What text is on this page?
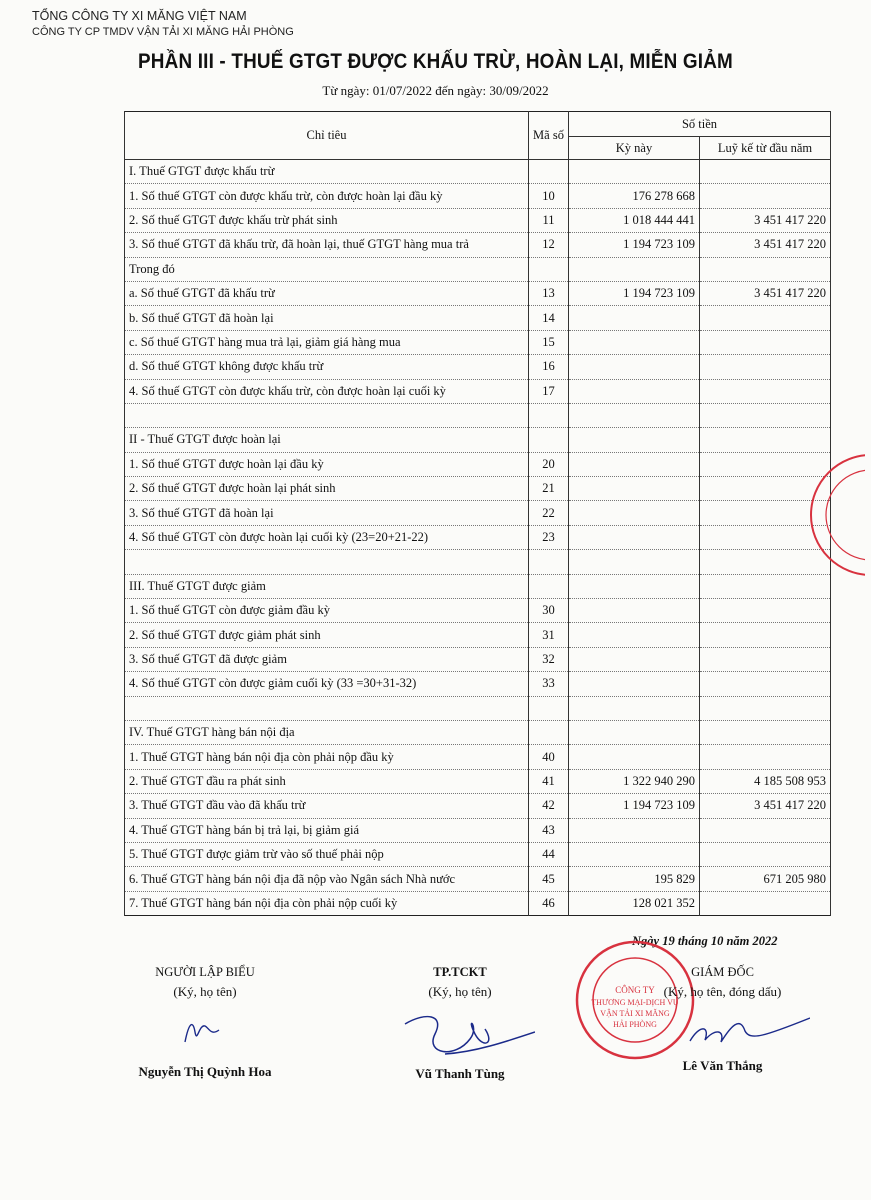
TỔNG CÔNG TY XI MĂNG VIỆT NAM
CÔNG TY CP TMDV VẬN TẢI XI MĂNG HẢI PHÒNG
PHẦN III - THUẾ GTGT ĐƯỢC KHẤU TRỪ, HOÀN LẠI, MIỄN GIẢM
Từ ngày: 01/07/2022 đến ngày: 30/09/2022
Chỉ tiêu	Mã số	Số tiền	
		Kỳ này	Luỹ kế từ đầu năm
I. Thuế GTGT được khấu trừ			
1. Số thuế GTGT còn được khấu trừ, còn được hoàn lại đầu kỳ	10	176 278 668	
2. Số thuế GTGT được khấu trừ phát sinh	11	1 018 444 441	3 451 417 220
3. Số thuế GTGT đã khấu trừ, đã hoàn lại, thuế GTGT hàng mua trả	12	1 194 723 109	3 451 417 220
Trong đó			
a. Số thuế GTGT đã khấu trừ	13	1 194 723 109	3 451 417 220
b. Số thuế GTGT đã hoàn lại	14		
c. Số thuế GTGT hàng mua trả lại, giảm giá hàng mua	15		
d. Số thuế GTGT không được khấu trừ	16		
4. Số thuế GTGT còn được khấu trừ, còn được hoàn lại cuối kỳ	17		

II - Thuế GTGT được hoàn lại			
1. Số thuế GTGT được hoàn lại đầu kỳ	20		
2. Số thuế GTGT được hoàn lại phát sinh	21		
3. Số thuế GTGT đã hoàn lại	22		
4. Số thuế GTGT còn được hoàn lại cuối kỳ (23=20+21-22)	23		

III. Thuế GTGT được giảm			
1. Số thuế GTGT còn được giảm đầu kỳ	30		
2. Số thuế GTGT được giảm phát sinh	31		
3. Số thuế GTGT đã được giảm	32		
4. Số thuế GTGT còn được giảm cuối kỳ (33 =30+31-32)	33		

IV. Thuế GTGT hàng bán nội địa			
1. Thuế GTGT hàng bán nội địa còn phải nộp đầu kỳ	40		
2. Thuế GTGT đầu ra phát sinh	41	1 322 940 290	4 185 508 953
3. Thuế GTGT đầu vào đã khấu trừ	42	1 194 723 109	3 451 417 220
4. Thuế GTGT hàng bán bị trả lại, bị giảm giá	43		
5. Thuế GTGT được giảm trừ vào số thuế phải nộp	44		
6. Thuế GTGT hàng bán nội địa đã nộp vào Ngân sách Nhà nước	45	195 829	671 205 980
7. Thuế GTGT hàng bán nội địa còn phải nộp cuối kỳ	46	128 021 352	
Ngày 19 tháng 10 năm 2022
NGƯỜI LẬP BIỂU
(Ký, họ tên)
Nguyễn Thị Quỳnh Hoa
TP.TCKT
(Ký, họ tên)
Vũ Thanh Tùng
CÔNG TY
THƯƠNG MẠI-DỊCH VỤ
VẬN TẢI XI MĂNG
HẢI PHÒNG
GIÁM ĐỐC
(Ký, họ tên, đóng dấu)
Lê Văn Thắng
